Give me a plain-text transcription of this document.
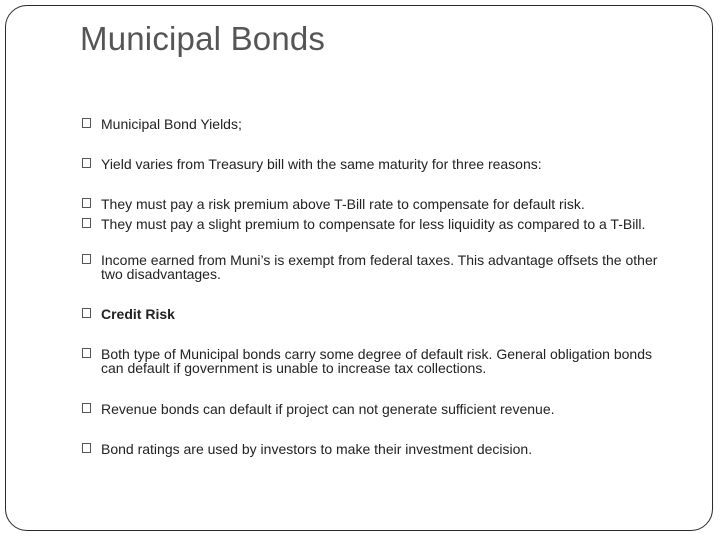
Municipal Bonds
Municipal Bond Yields;
Yield varies from Treasury bill with the same maturity for three reasons:
They must pay a risk premium above T-Bill rate to compensate for default risk.
They must pay a slight premium to compensate for less liquidity as compared to a T-Bill.
Income earned from Muni’s is exempt from federal taxes. This advantage offsets the other two disadvantages.
Credit Risk
Both type of Municipal bonds carry some degree of default risk. General obligation bonds can default if government is unable to increase tax collections.
Revenue bonds can default if project can not generate sufficient revenue.
Bond ratings are used by investors to make their investment decision.
